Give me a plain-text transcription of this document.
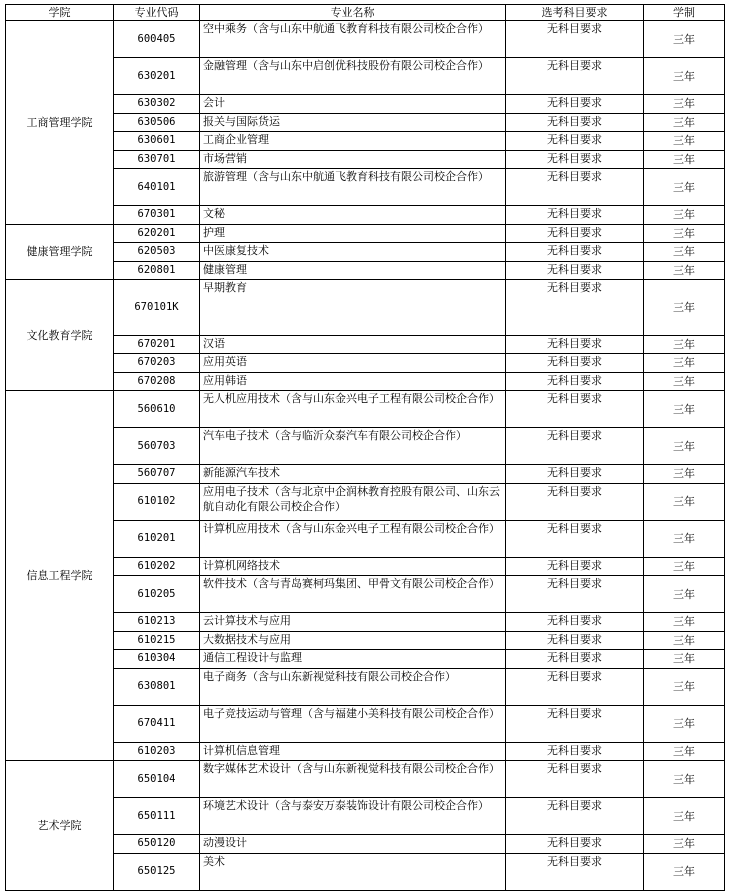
学院	专业代码	专业名称	选考科目要求	学制
工商管理学院	600405	空中乘务（含与山东中航通飞教育科技有限公司校企合作）	无科目要求	三年
	630201	金融管理（含与山东中启创优科技股份有限公司校企合作）	无科目要求	三年
	630302	会计	无科目要求	三年
	630506	报关与国际货运	无科目要求	三年
	630601	工商企业管理	无科目要求	三年
	630701	市场营销	无科目要求	三年
	640101	旅游管理（含与山东中航通飞教育科技有限公司校企合作）	无科目要求	三年
	670301	文秘	无科目要求	三年
健康管理学院	620201	护理	无科目要求	三年
	620503	中医康复技术	无科目要求	三年
	620801	健康管理	无科目要求	三年
文化教育学院	670101K	早期教育	无科目要求	三年
	670201	汉语	无科目要求	三年
	670203	应用英语	无科目要求	三年
	670208	应用韩语	无科目要求	三年
信息工程学院	560610	无人机应用技术（含与山东金兴电子工程有限公司校企合作）	无科目要求	三年
	560703	汽车电子技术（含与临沂众泰汽车有限公司校企合作）	无科目要求	三年
	560707	新能源汽车技术	无科目要求	三年
	610102	应用电子技术（含与北京中企润林教育控股有限公司、山东云航自动化有限公司校企合作）	无科目要求	三年
	610201	计算机应用技术（含与山东金兴电子工程有限公司校企合作）	无科目要求	三年
	610202	计算机网络技术	无科目要求	三年
	610205	软件技术（含与青岛赛柯玛集团、甲骨文有限公司校企合作）	无科目要求	三年
	610213	云计算技术与应用	无科目要求	三年
	610215	大数据技术与应用	无科目要求	三年
	610304	通信工程设计与监理	无科目要求	三年
	630801	电子商务（含与山东新视觉科技有限公司校企合作）	无科目要求	三年
	670411	电子竞技运动与管理（含与福建小美科技有限公司校企合作）	无科目要求	三年
	610203	计算机信息管理	无科目要求	三年
艺术学院	650104	数字媒体艺术设计（含与山东新视觉科技有限公司校企合作）	无科目要求	三年
	650111	环境艺术设计（含与泰安万泰装饰设计有限公司校企合作）	无科目要求	三年
	650120	动漫设计	无科目要求	三年
	650125	美术	无科目要求	三年
